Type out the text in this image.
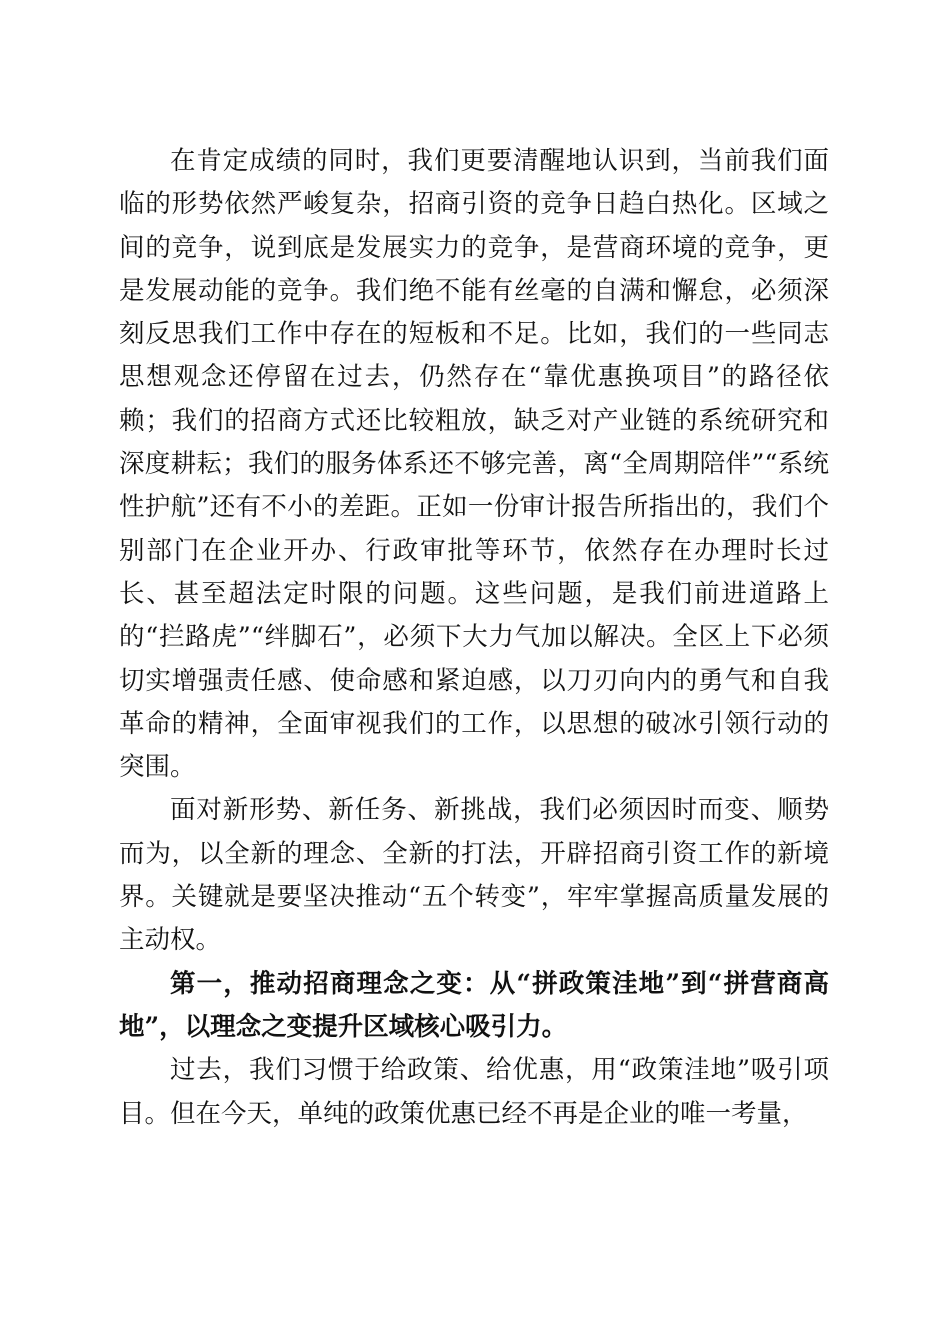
在肯定成绩的同时，我们更要清醒地认识到，当前我们面临的形势依然严峻复杂，招商引资的竞争日趋白热化。区域之间的竞争，说到底是发展实力的竞争，是营商环境的竞争，更是发展动能的竞争。我们绝不能有丝毫的自满和懈怠，必须深刻反思我们工作中存在的短板和不足。比如，我们的一些同志思想观念还停留在过去，仍然存在“靠优惠换项目”的路径依赖；我们的招商方式还比较粗放，缺乏对产业链的系统研究和深度耕耘；我们的服务体系还不够完善，离“全周期陪伴”“系统性护航”还有不小的差距。正如一份审计报告所指出的，我们个别部门在企业开办、行政审批等环节，依然存在办理时长过长、甚至超法定时限的问题。这些问题，是我们前进道路上的“拦路虎”“绊脚石”，必须下大力气加以解决。全区上下必须切实增强责任感、使命感和紧迫感，以刀刃向内的勇气和自我革命的精神，全面审视我们的工作，以思想的破冰引领行动的突围。

面对新形势、新任务、新挑战，我们必须因时而变、顺势而为，以全新的理念、全新的打法，开辟招商引资工作的新境界。关键就是要坚决推动“五个转变”，牢牢掌握高质量发展的主动权。

第一，推动招商理念之变：从“拼政策洼地”到“拼营商高地”，以理念之变提升区域核心吸引力。

过去，我们习惯于给政策、给优惠，用“政策洼地”吸引项目。但在今天，单纯的政策优惠已经不再是企业的唯一考量，
